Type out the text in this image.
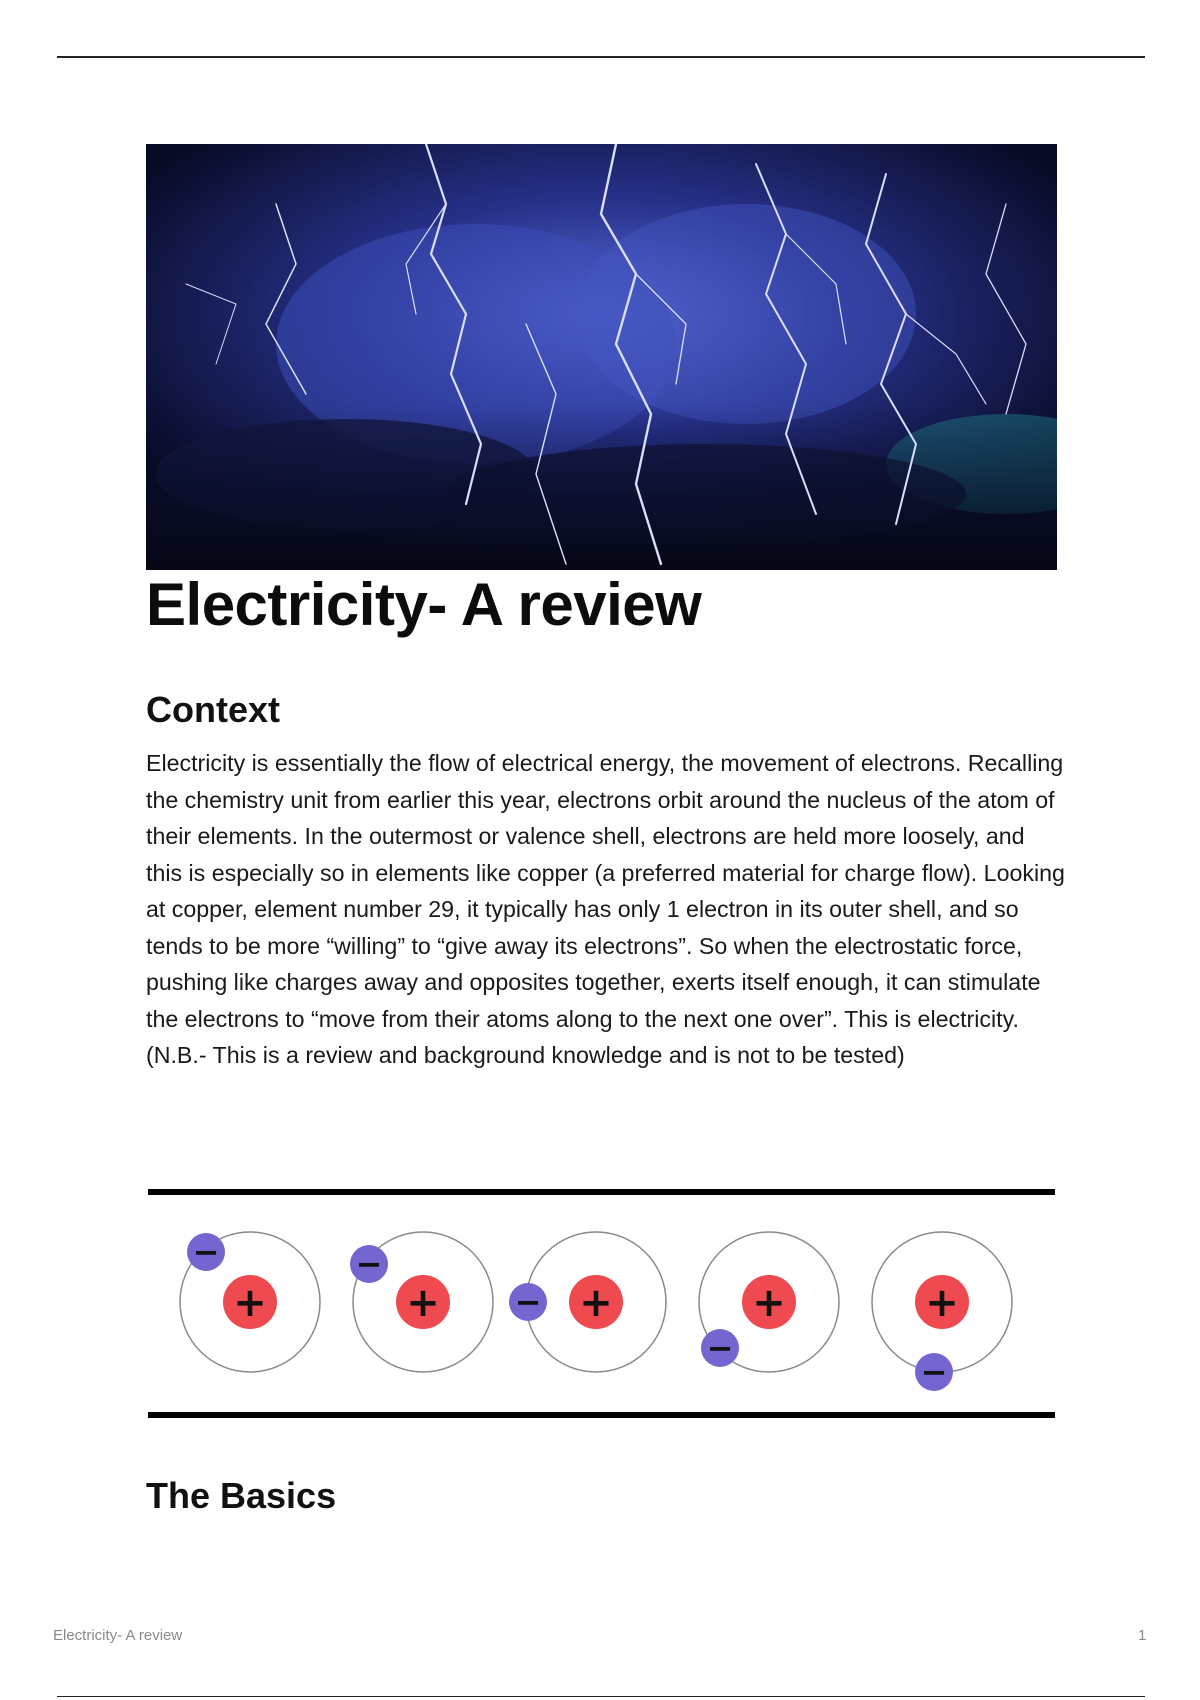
Electricity- A review
Context

Electricity is essentially the flow of electrical energy, the movement of electrons. Recalling the chemistry unit from earlier this year, electrons orbit around the nucleus of the atom of their elements. In the outermost or valence shell, electrons are held more loosely, and this is especially so in elements like copper (a preferred material for charge flow). Looking at copper, element number 29, it typically has only 1 electron in its outer shell, and so tends to be more “willing” to “give away its electrons”. So when the electrostatic force, pushing like charges away and opposites together, exerts itself enough, it can stimulate the electrons to “move from their atoms along to the next one over”. This is electricity. (N.B.- This is a review and background knowledge and is not to be tested)

+
−
+
−
+
−	+
−
+
−
The Basics
Electricity- A review	1
